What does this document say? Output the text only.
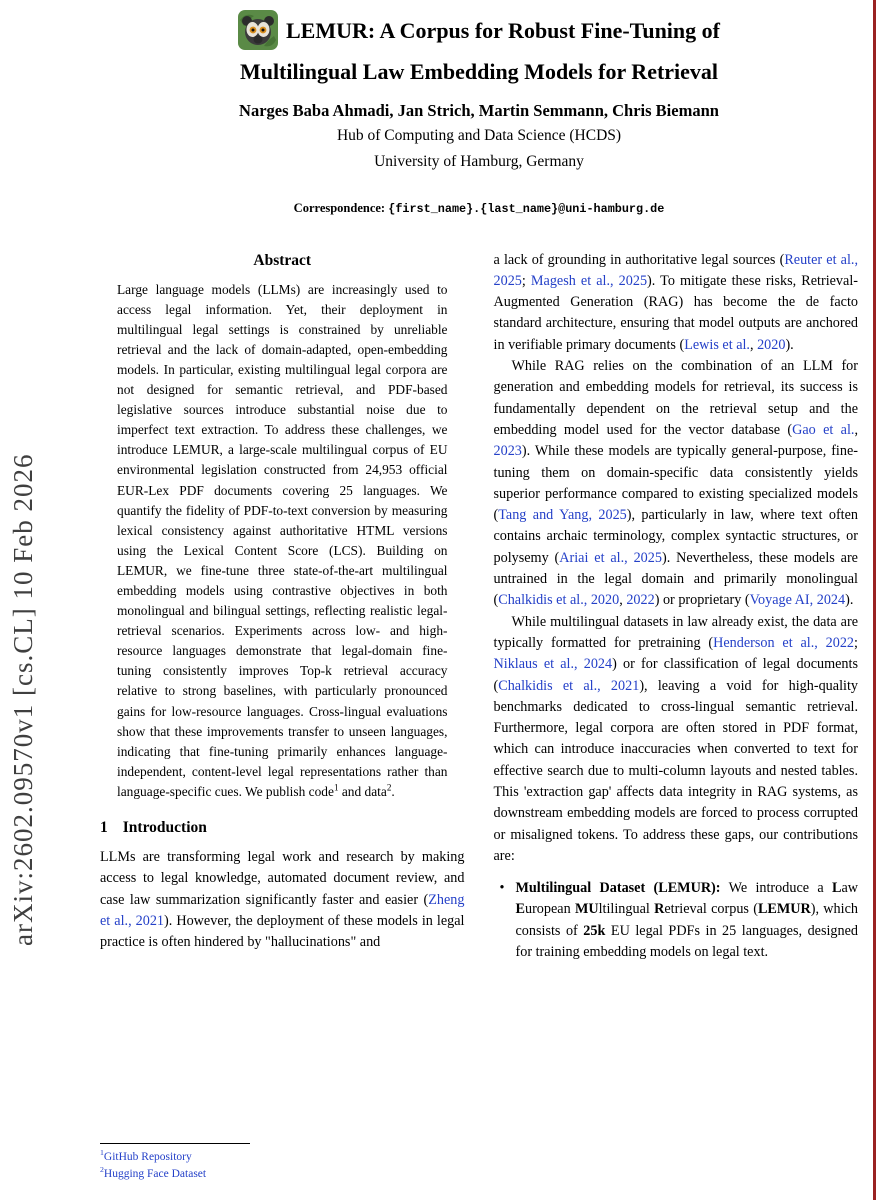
arXiv:2602.09570v1 [cs.CL] 10 Feb 2026
LEMUR: A Corpus for Robust Fine-Tuning of
Multilingual Law Embedding Models for Retrieval
Narges Baba Ahmadi, Jan Strich, Martin Semmann, Chris Biemann
Hub of Computing and Data Science (HCDS)
University of Hamburg, Germany
Correspondence: {first_name}.{last_name}@uni-hamburg.de
Abstract
Large language models (LLMs) are increasingly used to access legal information. Yet, their deployment in multilingual legal settings is constrained by unreliable retrieval and the lack of domain-adapted, open-embedding models. In particular, existing multilingual legal corpora are not designed for semantic retrieval, and PDF-based legislative sources introduce substantial noise due to imperfect text extraction. To address these challenges, we introduce LEMUR, a large-scale multilingual corpus of EU environmental legislation constructed from 24,953 official EUR-Lex PDF documents covering 25 languages. We quantify the fidelity of PDF-to-text conversion by measuring lexical consistency against authoritative HTML versions using the Lexical Content Score (LCS). Building on LEMUR, we fine-tune three state-of-the-art multilingual embedding models using contrastive objectives in both monolingual and bilingual settings, reflecting realistic legal-retrieval scenarios. Experiments across low- and high-resource languages demonstrate that legal-domain fine-tuning consistently improves Top-k retrieval accuracy relative to strong baselines, with particularly pronounced gains for low-resource languages. Cross-lingual evaluations show that these improvements transfer to unseen languages, indicating that fine-tuning primarily enhances language-independent, content-level legal representations rather than language-specific cues. We publish code$^1$ and data$^2$.
1 Introduction

LLMs are transforming legal work and research by making access to legal knowledge, automated document review, and case law summarization significantly faster and easier (Zheng et al., 2021). However, the deployment of these models in legal practice is often hindered by "hallucinations" and

a lack of grounding in authoritative legal sources (Reuter et al., 2025; Magesh et al., 2025). To mitigate these risks, Retrieval-Augmented Generation (RAG) has become the de facto standard architecture, ensuring that model outputs are anchored in verifiable primary documents (Lewis et al., 2020).

While RAG relies on the combination of an LLM for generation and embedding models for retrieval, its success is fundamentally dependent on the retrieval setup and the embedding model used for the vector database (Gao et al., 2023). While these models are typically general-purpose, fine-tuning them on domain-specific data consistently yields superior performance compared to existing specialized models (Tang and Yang, 2025), particularly in law, where text often contains archaic terminology, complex syntactic structures, or polysemy (Ariai et al., 2025). Nevertheless, these models are untrained in the legal domain and primarily monolingual (Chalkidis et al., 2020, 2022) or proprietary (Voyage AI, 2024).

While multilingual datasets in law already exist, the data are typically formatted for pretraining (Henderson et al., 2022; Niklaus et al., 2024) or for classification of legal documents (Chalkidis et al., 2021), leaving a void for high-quality benchmarks dedicated to cross-lingual semantic retrieval. Furthermore, legal corpora are often stored in PDF format, which can introduce inaccuracies when converted to text for effective search due to multi-column layouts and nested tables. This 'extraction gap' affects data integrity in RAG systems, as downstream embedding models are forced to process corrupted or misaligned tokens. To address these gaps, our contributions are:

• Multilingual Dataset (LEMUR): We introduce a Law European MUltilingual Retrieval corpus (LEMUR), which consists of 25k EU legal PDFs in 25 languages, designed for training embedding models on legal text.
$^1$GitHub Repository
$^2$Hugging Face Dataset
